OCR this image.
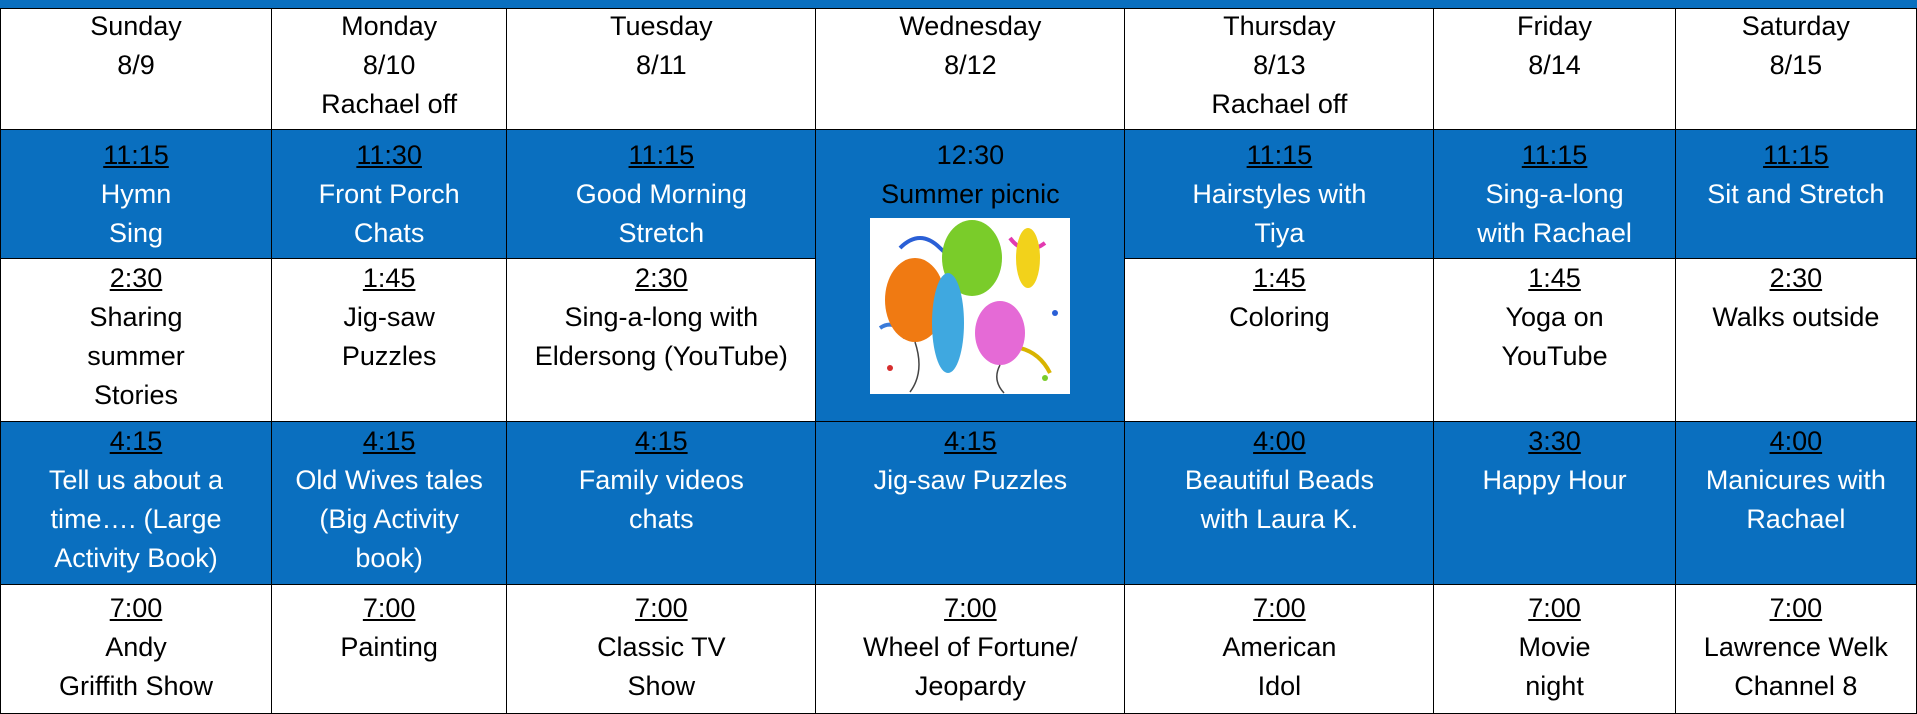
Sunday
8/9	Monday
8/10
Rachael off	Tuesday
8/11	Wednesday
8/12	Thursday
8/13
Rachael off	Friday
8/14	Saturday
8/15

11:15
Hymn
Sing	11:30
Front Porch
Chats	11:15
Good Morning
Stretch	12:30
Summer picnic	11:15
Hairstyles with
Tiya	11:15
Sing-a-long
with Rachael	11:15
Sit and Stretch

2:30
Sharing
summer
Stories	1:45
Jig-saw
Puzzles	2:30
Sing-a-long with
Eldersong (YouTube)		1:45
Coloring	1:45
Yoga on
YouTube	2:30
Walks outside

4:15
Tell us about a
time…. (Large
Activity Book)	4:15
Old Wives tales
(Big Activity
book)	4:15
Family videos
chats	4:15
Jig-saw Puzzles	4:00
Beautiful Beads
with Laura K.	3:30
Happy Hour	4:00
Manicures with
Rachael

7:00
Andy
Griffith Show	7:00
Painting	7:00
Classic TV
Show	7:00
Wheel of Fortune/
Jeopardy	7:00
American
Idol	7:00
Movie
night	7:00
Lawrence Welk
Channel 8
